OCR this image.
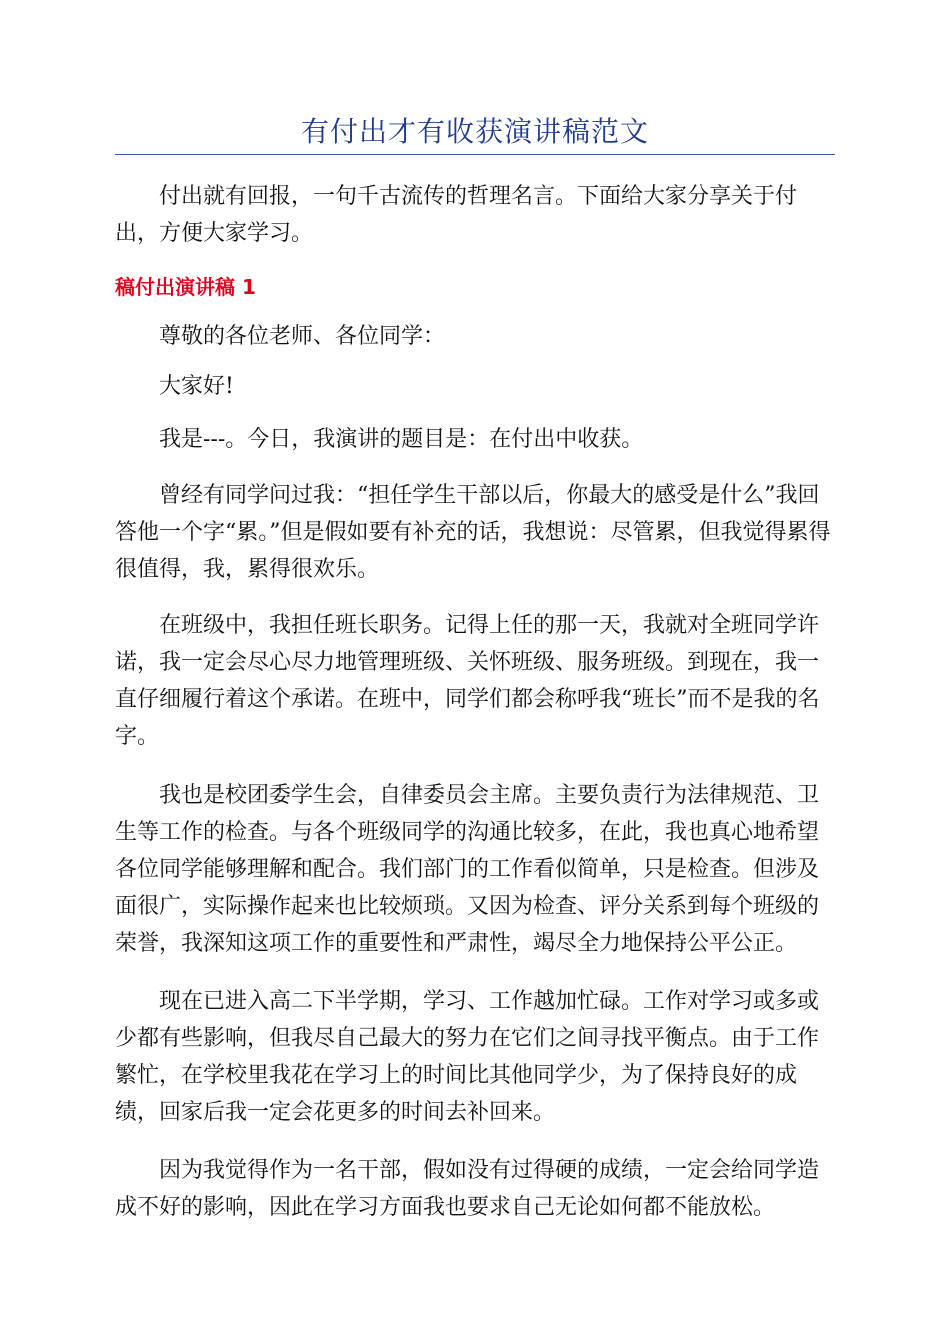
有付出才有收获演讲稿范文

付出就有回报，一句千古流传的哲理名言。下面给大家分享关于付出，方便大家学习。

稿付出演讲稿 1

尊敬的各位老师、各位同学：

大家好!

我是---。今日，我演讲的题目是：在付出中收获。

曾经有同学问过我：“担任学生干部以后，你最大的感受是什么”我回答他一个字“累。”但是假如要有补充的话，我想说：尽管累，但我觉得累得很值得，我，累得很欢乐。

在班级中，我担任班长职务。记得上任的那一天，我就对全班同学许诺，我一定会尽心尽力地管理班级、关怀班级、服务班级。到现在，我一直仔细履行着这个承诺。在班中，同学们都会称呼我“班长”而不是我的名字。

我也是校团委学生会，自律委员会主席。主要负责行为法律规范、卫生等工作的检查。与各个班级同学的沟通比较多，在此，我也真心地希望各位同学能够理解和配合。我们部门的工作看似简单，只是检查。但涉及面很广，实际操作起来也比较烦琐。又因为检查、评分关系到每个班级的荣誉，我深知这项工作的重要性和严肃性，竭尽全力地保持公平公正。

现在已进入高二下半学期，学习、工作越加忙碌。工作对学习或多或少都有些影响，但我尽自己最大的努力在它们之间寻找平衡点。由于工作繁忙，在学校里我花在学习上的时间比其他同学少，为了保持良好的成绩，回家后我一定会花更多的时间去补回来。

因为我觉得作为一名干部，假如没有过得硬的成绩，一定会给同学造成不好的影响，因此在学习方面我也要求自己无论如何都不能放松。
